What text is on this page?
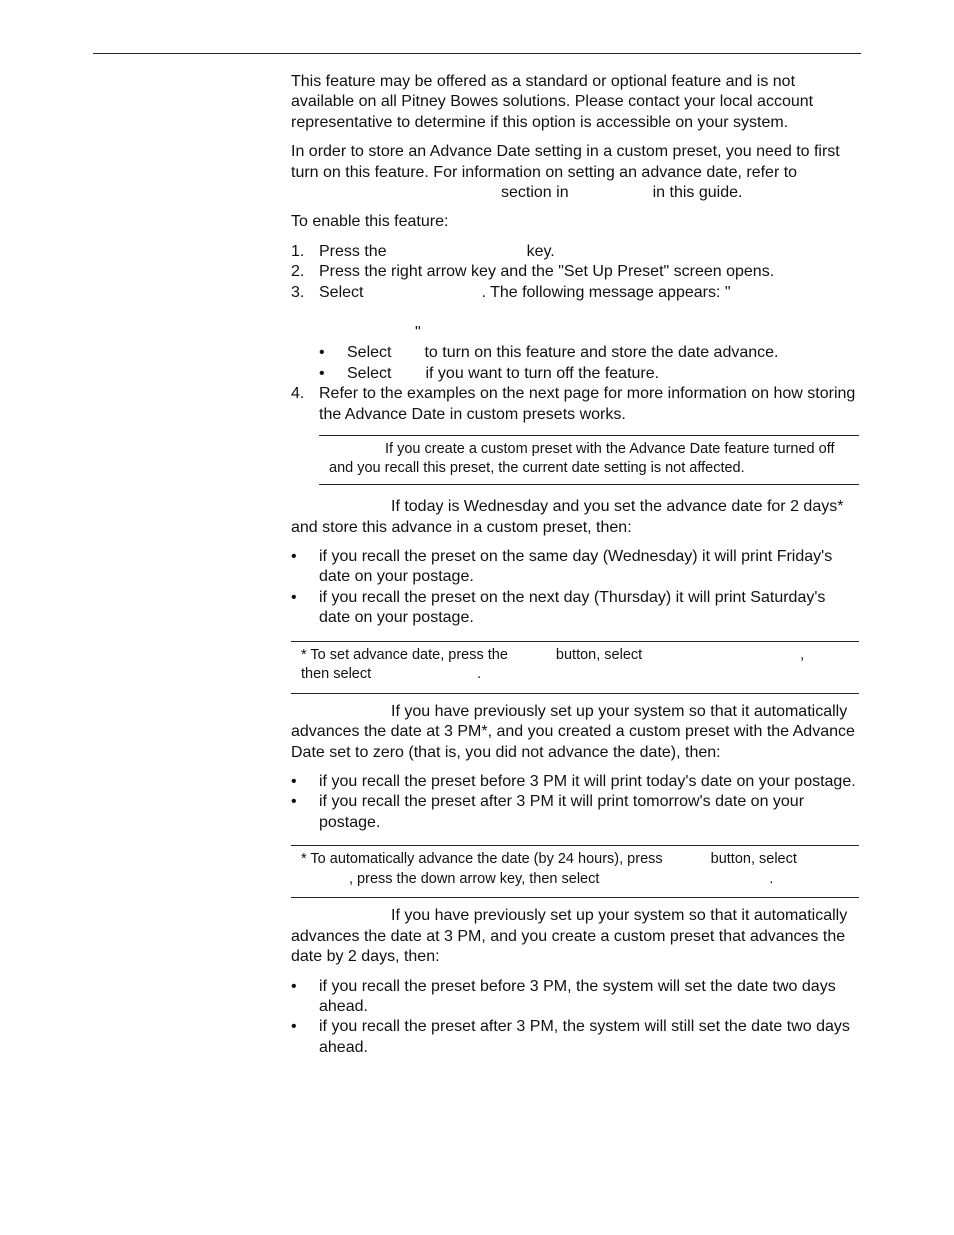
This feature may be offered as a standard or optional feature and is not available on all Pitney Bowes solutions. Please contact your local account representative to determine if this option is accessible on your system.

In order to store an Advance Date setting in a custom preset, you need to first turn on this feature. For information on setting an advance date, refer tosection in	in this guide.

To enable this feature:

1. Press the	key.
2. Press the right arrow key and the "Set Up Preset" screen opens.
3. Select	. The following message appears: "
"
•	Select to turn on this feature and store the date advance.
•	Select if you want to turn off the feature.
4. Refer to the examples on the next page for more information on how storing the Advance Date in custom presets works.
If you create a custom preset with the Advance Date feature turned off and you recall this preset, the current date setting is not affected.

If today is Wednesday and you set the advance date for 2 days* and store this advance in a custom preset, then:

•	if you recall the preset on the same day (Wednesday) it will print Friday's date on your postage.
•	if you recall the preset on the next day (Thursday) it will print Saturday's date on your postage.
* To set advance date, press the	button, select	,
then select	.

If you have previously set up your system so that it automatically advances the date at 3 PM*, and you created a custom preset with the Advance Date set to zero (that is, you did not advance the date), then:

•	if you recall the preset before 3 PM it will print today's date on your postage.
•	if you recall the preset after 3 PM it will print tomorrow's date on your postage.
* To automatically advance the date (by 24 hours), press	button, select
, press the down arrow key, then select	.

If you have previously set up your system so that it automatically advances the date at 3 PM, and you create a custom preset that advances the date by 2 days, then:

•	if you recall the preset before 3 PM, the system will set the date two days ahead.
•	if you recall the preset after 3 PM, the system will still set the date two days ahead.
